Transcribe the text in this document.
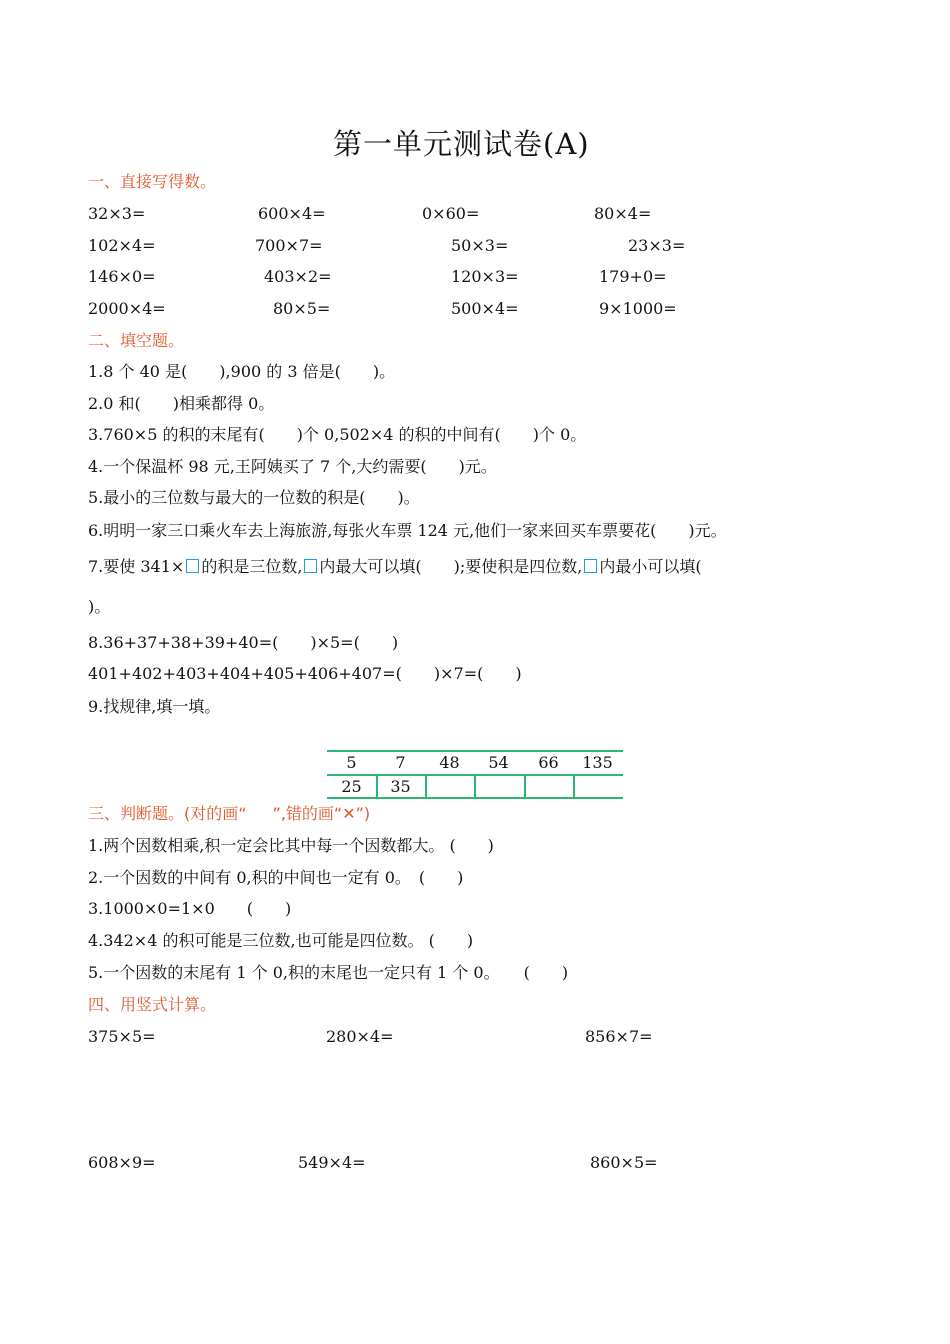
第一单元测试卷(A)
一、直接写得数。
32×3=	600×4=	0×60=	80×4=
102×4=	700×7=	50×3=	23×3=
146×0=	403×2=	120×3=	179+0=
2000×4=	80×5=	500×4=	9×1000=
二、填空题。
1.8 个 40 是(　　),900 的 3 倍是(　　)。
2.0 和(　　)相乘都得 0。
3.760×5 的积的末尾有(　　)个 0,502×4 的积的中间有(　　)个 0。
4.一个保温杯 98 元,王阿姨买了 7 个,大约需要(　　)元。
5.最小的三位数与最大的一位数的积是(　　)。
6.明明一家三口乘火车去上海旅游,每张火车票 124 元,他们一家来回买车票要花(　　)元。
7.要使 341× 的积是三位数, 内最大可以填(　　);要使积是四位数, 内最小可以填(
)。
8.36+37+38+39+40=(　　)×5=(　　)
401+402+403+404+405+406+407=(　　)×7=(　　)
9.找规律,填一填。
5	7	48	54	66	135
25	35
三、判断题。(对的画“ ”,错的画“✕”)
1.两个因数相乘,积一定会比其中每一个因数都大。 (　　)
2.一个因数的中间有 0,积的中间也一定有 0。　(　　)
3.1000×0=1×0　　(　　)
4.342×4 的积可能是三位数,也可能是四位数。 (　　)
5.一个因数的末尾有 1 个 0,积的末尾也一定只有 1 个 0。　　(　　)
四、用竖式计算。
375×5=	280×4=	856×7=
608×9=	549×4=	860×5=
